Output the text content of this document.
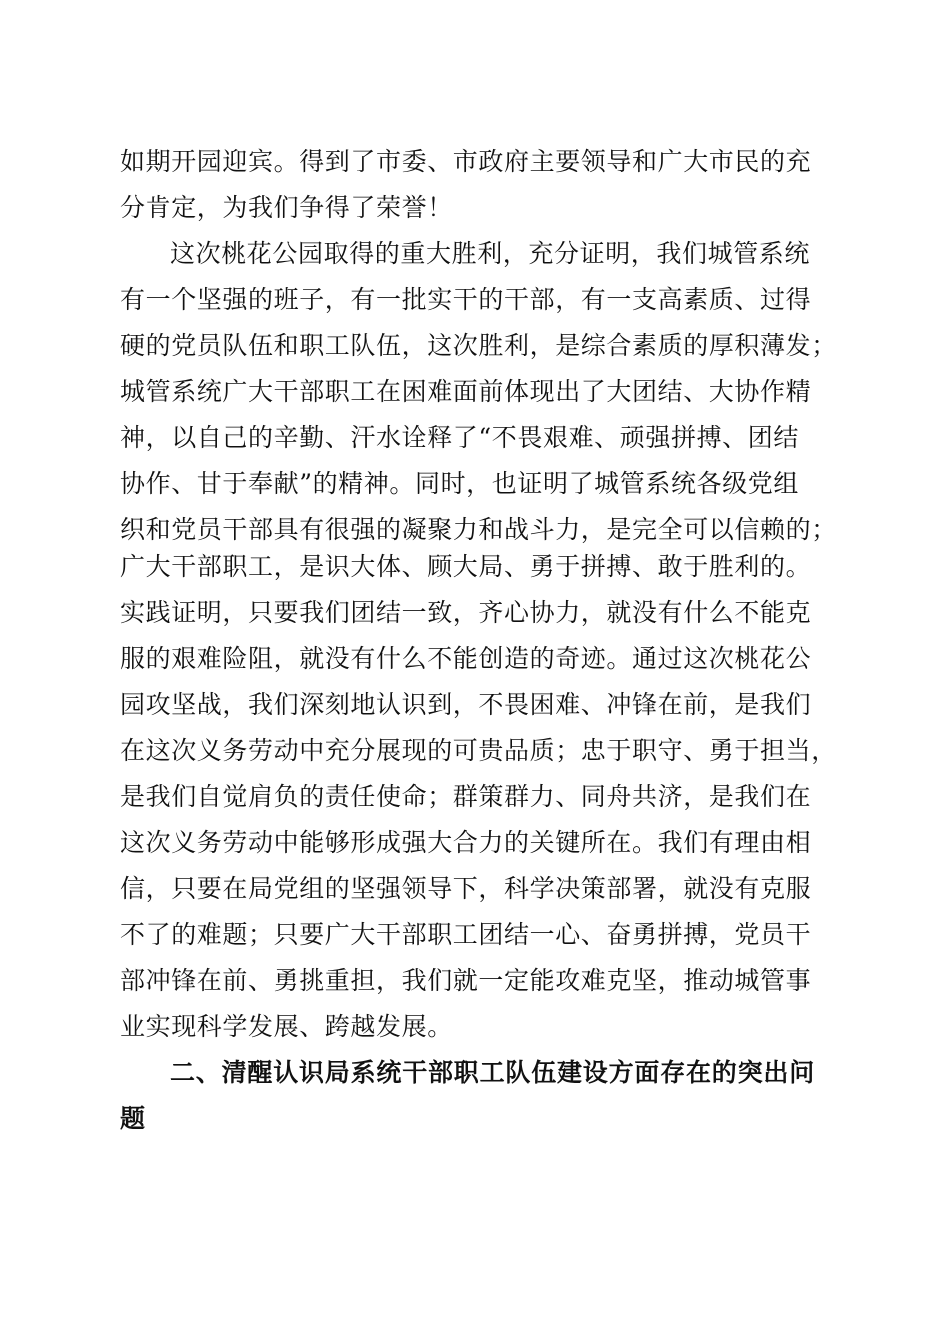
如期开园迎宾。得到了市委、市政府主要领导和广大市民的充
分肯定，为我们争得了荣誉！
这次桃花公园取得的重大胜利，充分证明，我们城管系统
有一个坚强的班子，有一批实干的干部，有一支高素质、过得
硬的党员队伍和职工队伍，这次胜利，是综合素质的厚积薄发；
城管系统广大干部职工在困难面前体现出了大团结、大协作精
神，以自己的辛勤、汗水诠释了“不畏艰难、顽强拼搏、团结
协作、甘于奉献”的精神。同时，也证明了城管系统各级党组
织和党员干部具有很强的凝聚力和战斗力，是完全可以信赖的；
广大干部职工，是识大体、顾大局、勇于拼搏、敢于胜利的。
实践证明，只要我们团结一致，齐心协力，就没有什么不能克
服的艰难险阻，就没有什么不能创造的奇迹。通过这次桃花公
园攻坚战，我们深刻地认识到，不畏困难、冲锋在前，是我们
在这次义务劳动中充分展现的可贵品质；忠于职守、勇于担当，
是我们自觉肩负的责任使命；群策群力、同舟共济，是我们在
这次义务劳动中能够形成强大合力的关键所在。我们有理由相
信，只要在局党组的坚强领导下，科学决策部署，就没有克服
不了的难题；只要广大干部职工团结一心、奋勇拼搏，党员干
部冲锋在前、勇挑重担，我们就一定能攻难克坚，推动城管事
业实现科学发展、跨越发展。
二、清醒认识局系统干部职工队伍建设方面存在的突出问
题
